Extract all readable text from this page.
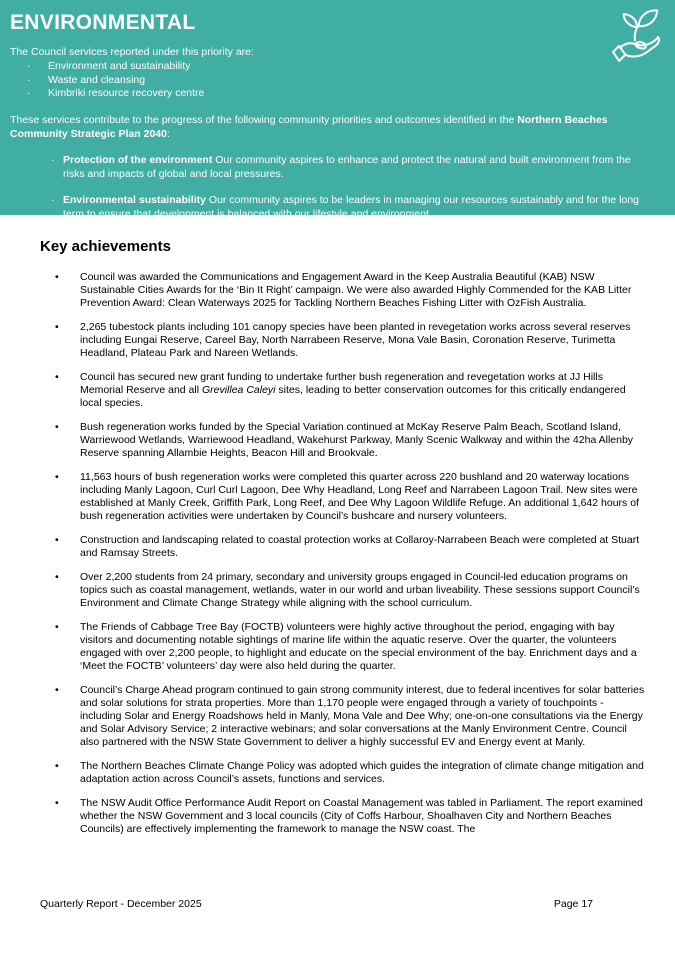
ENVIRONMENTAL

The Council services reported under this priority are:

·	Environment and sustainability
·	Waste and cleansing
·	Kimbriki resource recovery centre

These services contribute to the progress of the following community priorities and outcomes identified in the Northern Beaches Community Strategic Plan 2040:

· Protection of the environment Our community aspires to enhance and protect the natural and built environment from the risks and impacts of global and local pressures.
· Environmental sustainability Our community aspires to be leaders in managing our resources sustainably and for the long term to ensure that development is balanced with our lifestyle and environment.
Key achievements
•	Council was awarded the Communications and Engagement Award in the Keep Australia Beautiful (KAB) NSW Sustainable Cities Awards for the ‘Bin It Right’ campaign. We were also awarded Highly Commended for the KAB Litter Prevention Award: Clean Waterways 2025 for Tackling Northern Beaches Fishing Litter with OzFish Australia.
•	2,265 tubestock plants including 101 canopy species have been planted in revegetation works across several reserves including Eungai Reserve, Careel Bay, North Narrabeen Reserve, Mona Vale Basin, Coronation Reserve, Turimetta Headland, Plateau Park and Nareen Wetlands.
•	Council has secured new grant funding to undertake further bush regeneration and revegetation works at JJ Hills Memorial Reserve and all Grevillea Caleyi sites, leading to better conservation outcomes for this critically endangered local species.
•	Bush regeneration works funded by the Special Variation continued at McKay Reserve Palm Beach, Scotland Island, Warriewood Wetlands, Warriewood Headland, Wakehurst Parkway, Manly Scenic Walkway and within the 42ha Allenby Reserve spanning Allambie Heights, Beacon Hill and Brookvale.
•	11,563 hours of bush regeneration works were completed this quarter across 220 bushland and 20 waterway locations including Manly Lagoon, Curl Curl Lagoon, Dee Why Headland, Long Reef and Narrabeen Lagoon Trail. New sites were established at Manly Creek, Griffith Park, Long Reef, and Dee Why Lagoon Wildlife Refuge. An additional 1,642 hours of bush regeneration activities were undertaken by Council’s bushcare and nursery volunteers.
•	Construction and landscaping related to coastal protection works at Collaroy-Narrabeen Beach were completed at Stuart and Ramsay Streets.
•	Over 2,200 students from 24 primary, secondary and university groups engaged in Council-led education programs on topics such as coastal management, wetlands, water in our world and urban liveability. These sessions support Council’s Environment and Climate Change Strategy while aligning with the school curriculum.
•	The Friends of Cabbage Tree Bay (FOCTB) volunteers were highly active throughout the period, engaging with bay visitors and documenting notable sightings of marine life within the aquatic reserve. Over the quarter, the volunteers engaged with over 2,200 people, to highlight and educate on the special environment of the bay. Enrichment days and a ‘Meet the FOCTB’ volunteers’ day were also held during the quarter.
•	Council’s Charge Ahead program continued to gain strong community interest, due to federal incentives for solar batteries and solar solutions for strata properties. More than 1,170 people were engaged through a variety of touchpoints - including Solar and Energy Roadshows held in Manly, Mona Vale and Dee Why; one-on-one consultations via the Energy and Solar Advisory Service; 2 interactive webinars; and solar conversations at the Manly Environment Centre. Council also partnered with the NSW State Government to deliver a highly successful EV and Energy event at Manly.
•	The Northern Beaches Climate Change Policy was adopted which guides the integration of climate change mitigation and adaptation action across Council’s assets, functions and services.
•	The NSW Audit Office Performance Audit Report on Coastal Management was tabled in Parliament. The report examined whether the NSW Government and 3 local councils (City of Coffs Harbour, Shoalhaven City and Northern Beaches Councils) are effectively implementing the framework to manage the NSW coast. The
Quarterly Report - December 2025	Page 17
